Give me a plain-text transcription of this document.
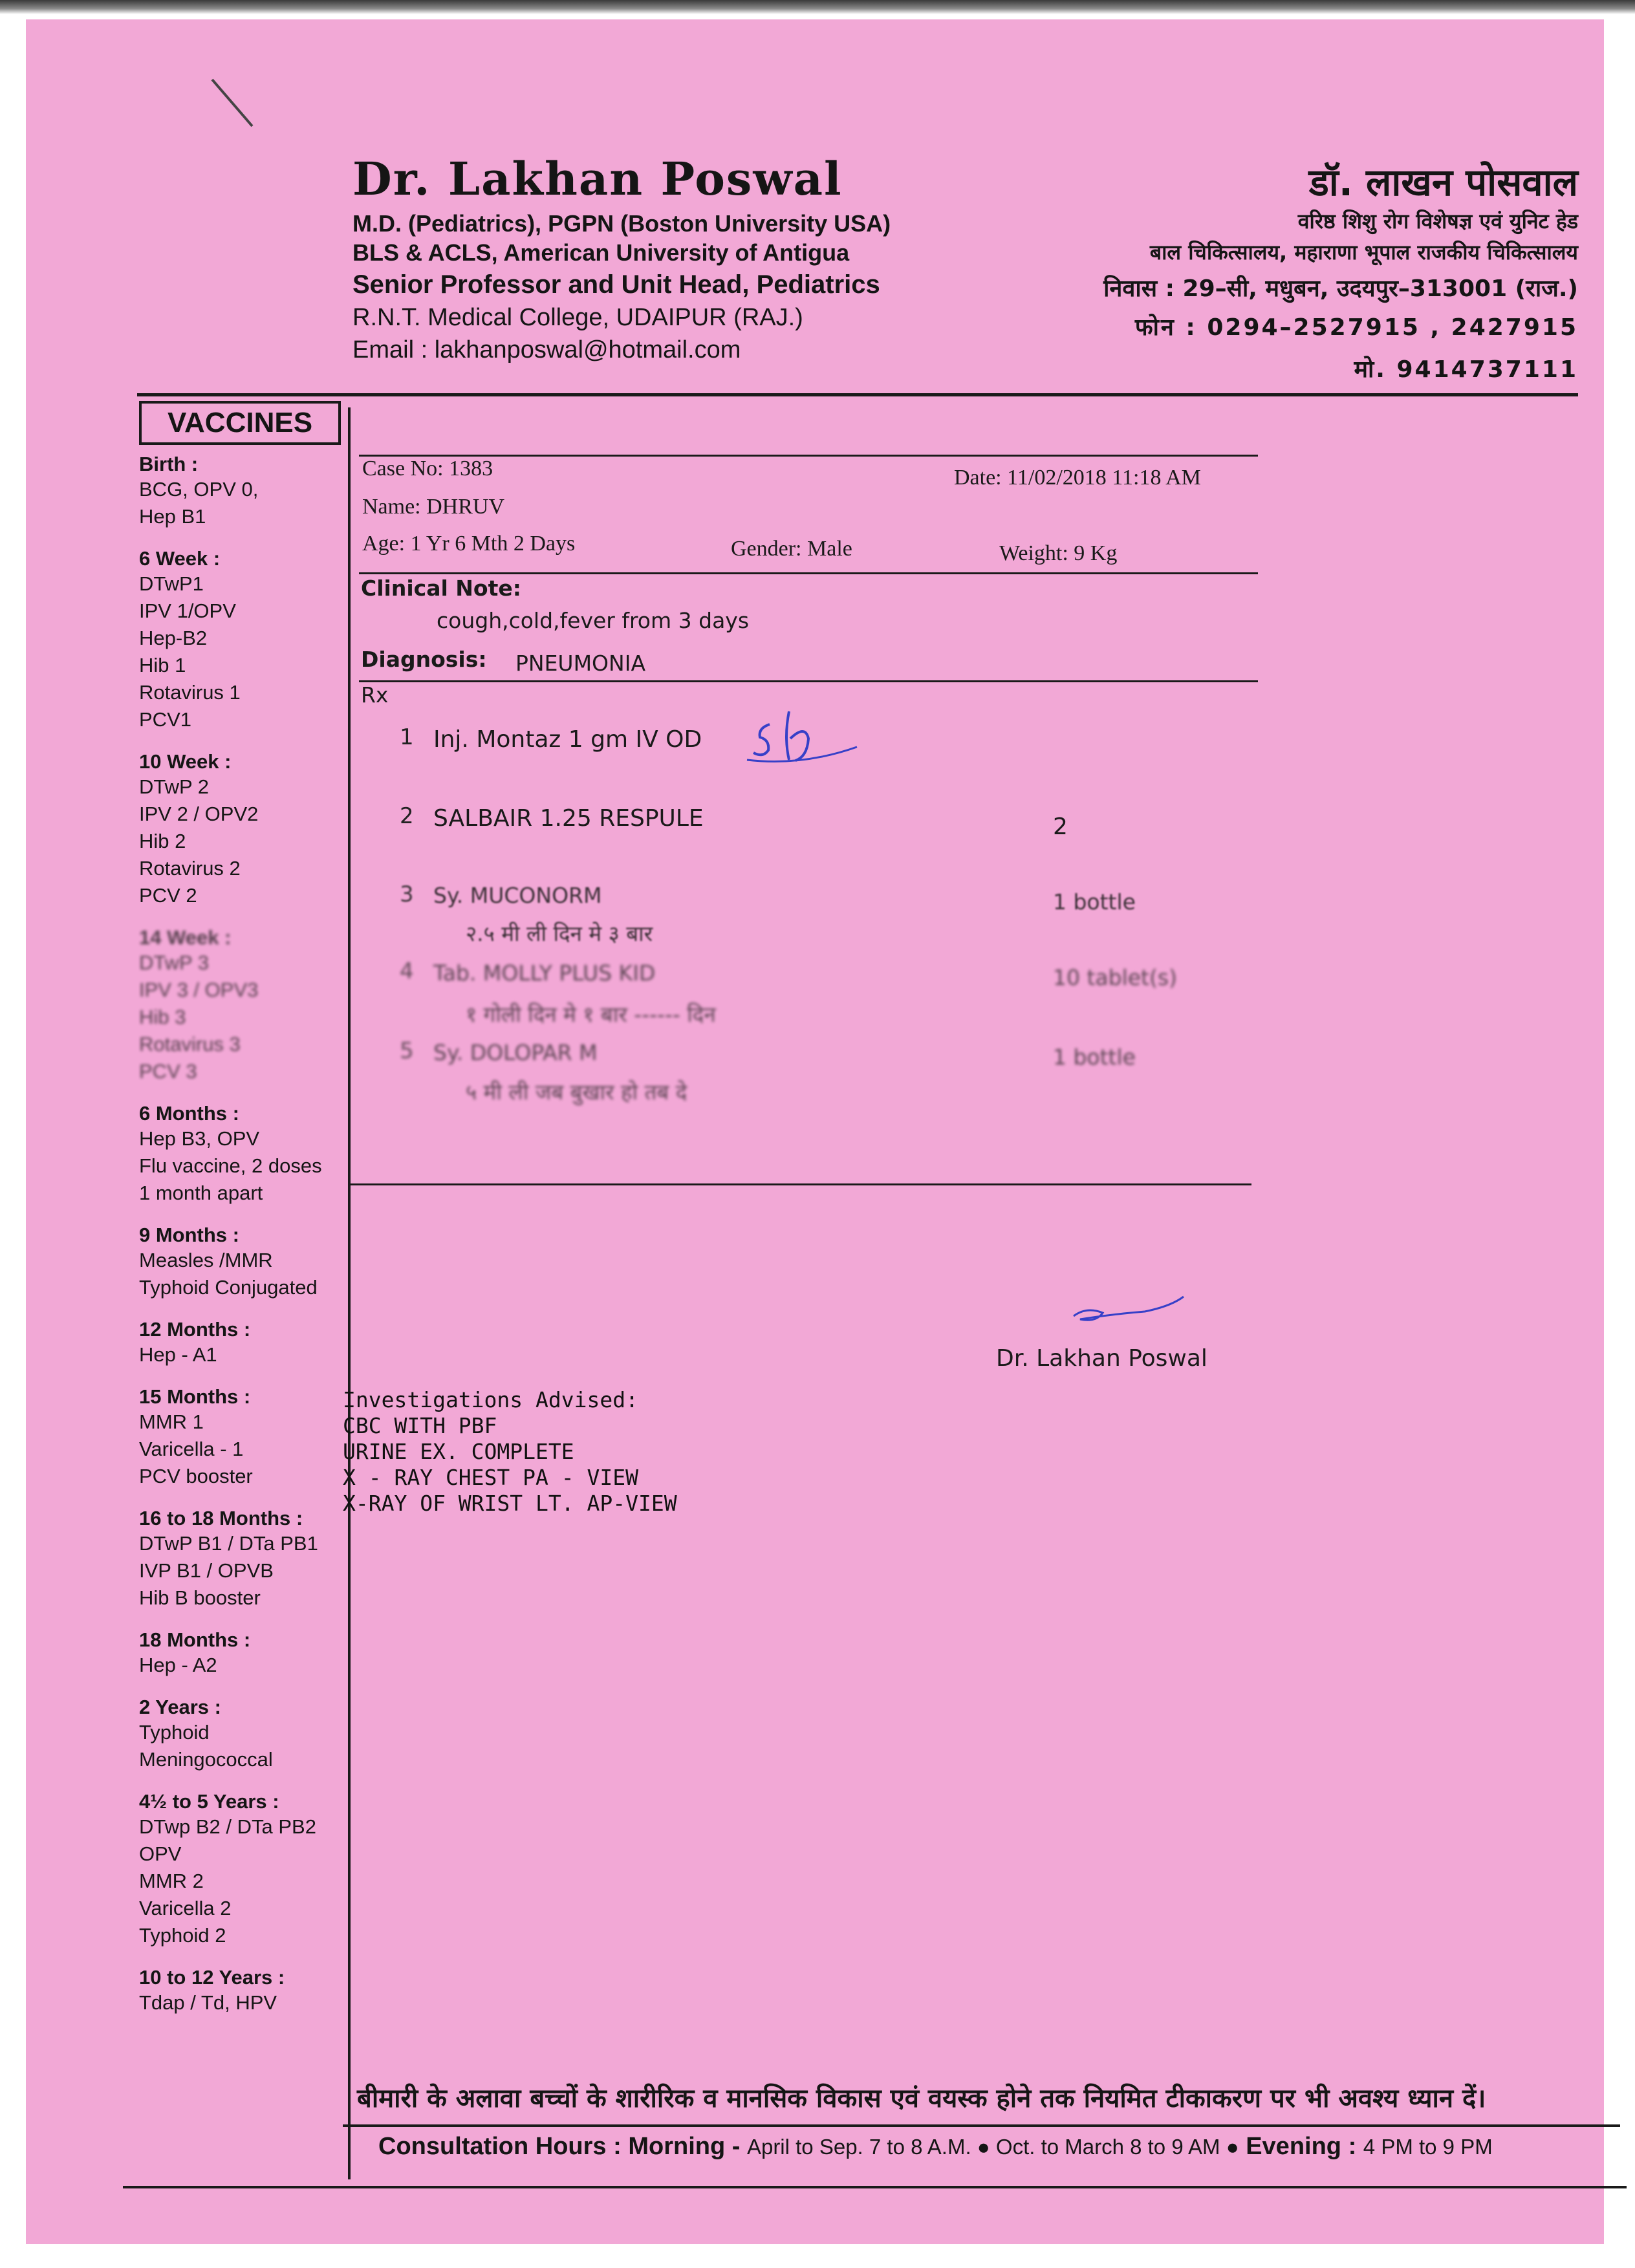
Dr. Lakhan Poswal
M.D. (Pediatrics), PGPN (Boston University USA)
BLS & ACLS, American University of Antigua
Senior Professor and Unit Head, Pediatrics
R.N.T. Medical College, UDAIPUR (RAJ.)
Email : lakhanposwal@hotmail.com
डॉ. लाखन पोसवाल
वरिष्ठ शिशु रोग विशेषज्ञ एवं युनिट हेड
बाल चिकित्सालय, महाराणा भूपाल राजकीय चिकित्सालय
निवास : 29–सी, मधुबन, उदयपुर–313001 (राज.)
फोन : 0294–2527915 , 2427915
मो. 9414737111
VACCINES
Birth :
BCG, OPV 0,
Hep B1
6 Week :
DTwP1
IPV 1/OPV
Hep-B2
Hib 1
Rotavirus 1
PCV1
10 Week :
DTwP 2
IPV 2 / OPV2
Hib 2
Rotavirus 2
PCV 2
14 Week :
DTwP 3
IPV 3 / OPV3
Hib 3
Rotavirus 3
PCV 3
6 Months :
Hep B3, OPV
Flu vaccine, 2 doses
1 month apart
9 Months :
Measles /MMR
Typhoid Conjugated
12 Months :
Hep - A1
15 Months :
MMR 1
Varicella - 1
PCV booster
16 to 18 Months :
DTwP B1 / DTa PB1
IVP B1 / OPVB
Hib B booster
18 Months :
Hep - A2
2 Years :
Typhoid
Meningococcal
4½ to 5 Years :
DTwp B2 / DTa PB2
OPV
MMR 2
Varicella 2
Typhoid 2
10 to 12 Years :
Tdap / Td, HPV
Case No: 1383	Date: 11/02/2018 11:18 AM
Name: DHRUV
Age: 1 Yr 6 Mth 2 Days	Gender: Male	Weight: 9 Kg
Clinical Note:
cough,cold,fever from 3 days
Diagnosis: PNEUMONIA
Rx
1 Inj. Montaz 1 gm IV OD
2 SALBAIR 1.25 RESPULE	2
3 Sy. MUCONORM
२.५ मी ली दिन मे ३ बार
1 bottle
4 Tab. MOLLY PLUS KID
१ गोली दिन मे १ बार ------ दिन
10 tablet(s)
5 Sy. DOLOPAR M
५ मी ली जब बुखार हो तब दे
1 bottle
Dr. Lakhan Poswal
Investigations Advised:
CBC WITH PBF
URINE EX. COMPLETE
X - RAY CHEST PA - VIEW
X-RAY OF WRIST LT. AP-VIEW
बीमारी के अलावा बच्चों के शारीरिक व मानसिक विकास एवं वयस्क होने तक नियमित टीकाकरण पर भी अवश्य ध्यान दें।
Consultation Hours : Morning - April to Sep. 7 to 8 A.M. ● Oct. to March 8 to 9 AM ● Evening : 4 PM to 9 PM
